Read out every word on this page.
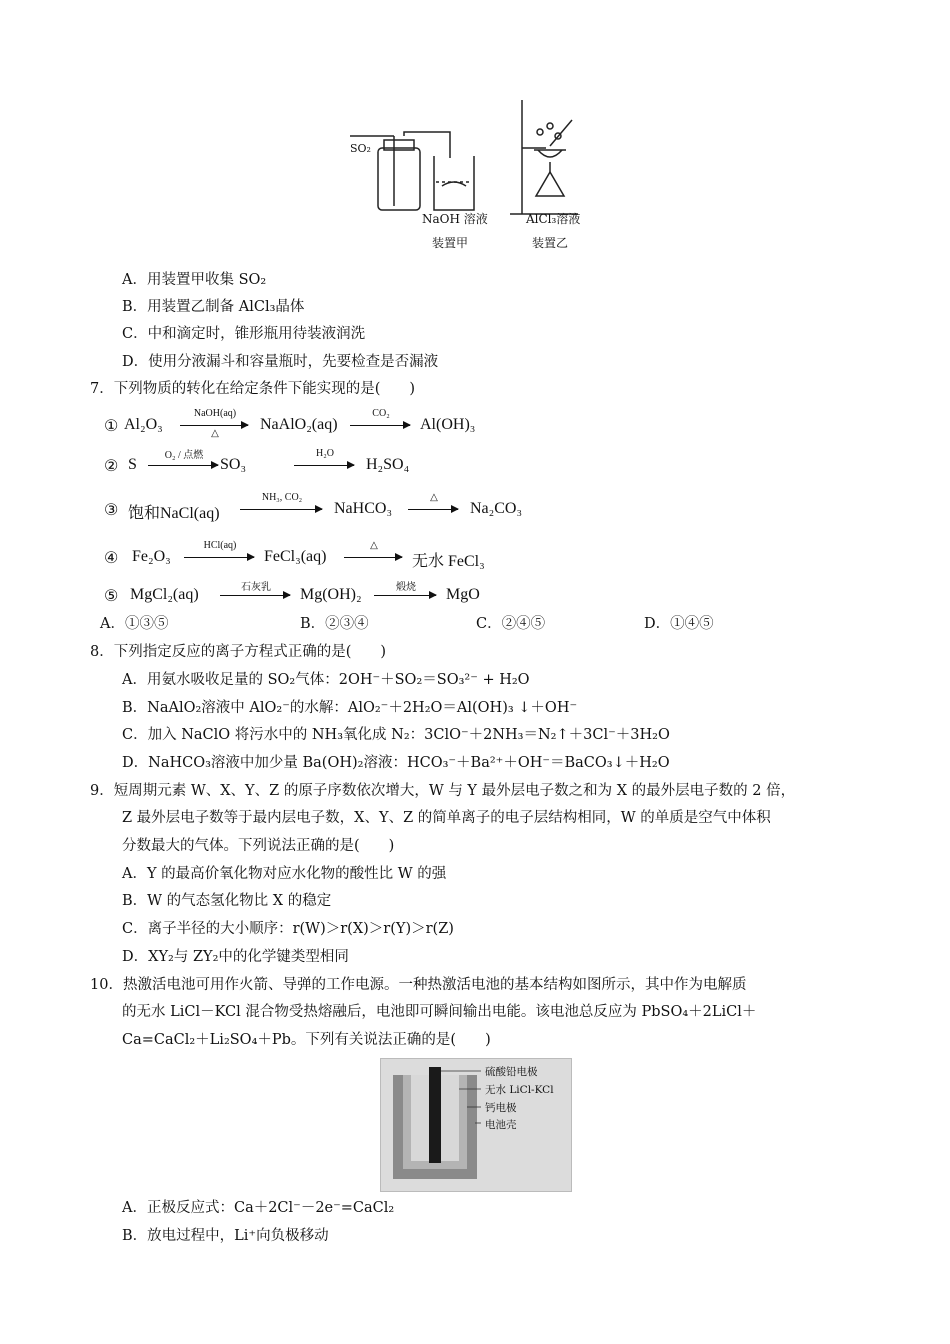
SO₂
NaOH 溶液	AlCl₃溶液
装置甲	装置乙
A．用装置甲收集 SO₂
B．用装置乙制备 AlCl₃晶体
C．中和滴定时，锥形瓶用待装液润洗
D．使用分液漏斗和容量瓶时，先要检查是否漏液
7．下列物质的转化在给定条件下能实现的是(　　)
① Al₂O₃
NaOH(aq)
△
NaAlO₂(aq)
CO₂
→ Al(OH)₃
② S
O₂ / 点燃
SO₃
H₂O
→ H₂SO₄
③ 饱和NaCl(aq)
NH₃, CO₂
NaHCO₃
△
→ Na₂CO₃
④ Fe₂O₃
HCl(aq)
FeCl₃(aq)
△
→ 无水 FeCl₃
⑤ MgCl₂(aq)	石灰乳	Mg(OH)₂	煅烧 → MgO
A．①③⑤	B．②③④	C．②④⑤	D．①④⑤
8．下列指定反应的离子方程式正确的是(　　)
A．用氨水吸收足量的 SO₂气体：2OH⁻＋SO₂＝SO₃²⁻ + H₂O
B．NaAlO₂溶液中 AlO₂⁻的水解：AlO₂⁻＋2H₂O＝Al(OH)₃ ↓＋OH⁻
C．加入 NaClO 将污水中的 NH₃氧化成 N₂：3ClO⁻＋2NH₃＝N₂↑＋3Cl⁻＋3H₂O
D．NaHCO₃溶液中加少量 Ba(OH)₂溶液：HCO₃⁻＋Ba²⁺＋OH⁻＝BaCO₃↓＋H₂O
9．短周期元素 W、X、Y、Z 的原子序数依次增大，W 与 Y 最外层电子数之和为 X 的最外层电子数的 2 倍，
Z 最外层电子数等于最内层电子数，X、Y、Z 的简单离子的电子层结构相同，W 的单质是空气中体积
分数最大的气体。下列说法正确的是(　　)
A．Y 的最高价氧化物对应水化物的酸性比 W 的强
B．W 的气态氢化物比 X 的稳定
C．离子半径的大小顺序：r(W)＞r(X)＞r(Y)＞r(Z)
D．XY₂与 ZY₂中的化学键类型相同
10．热激活电池可用作火箭、导弹的工作电源。一种热激活电池的基本结构如图所示，其中作为电解质
的无水 LiCl－KCl 混合物受热熔融后，电池即可瞬间输出电能。该电池总反应为 PbSO₄＋2LiCl＋
Ca=CaCl₂＋Li₂SO₄＋Pb。下列有关说法正确的是(　　)
硫酸铅电极
无水 LiCl-KCl
钙电极
电池壳
A．正极反应式：Ca＋2Cl⁻－2e⁻=CaCl₂
B．放电过程中，Li⁺向负极移动
